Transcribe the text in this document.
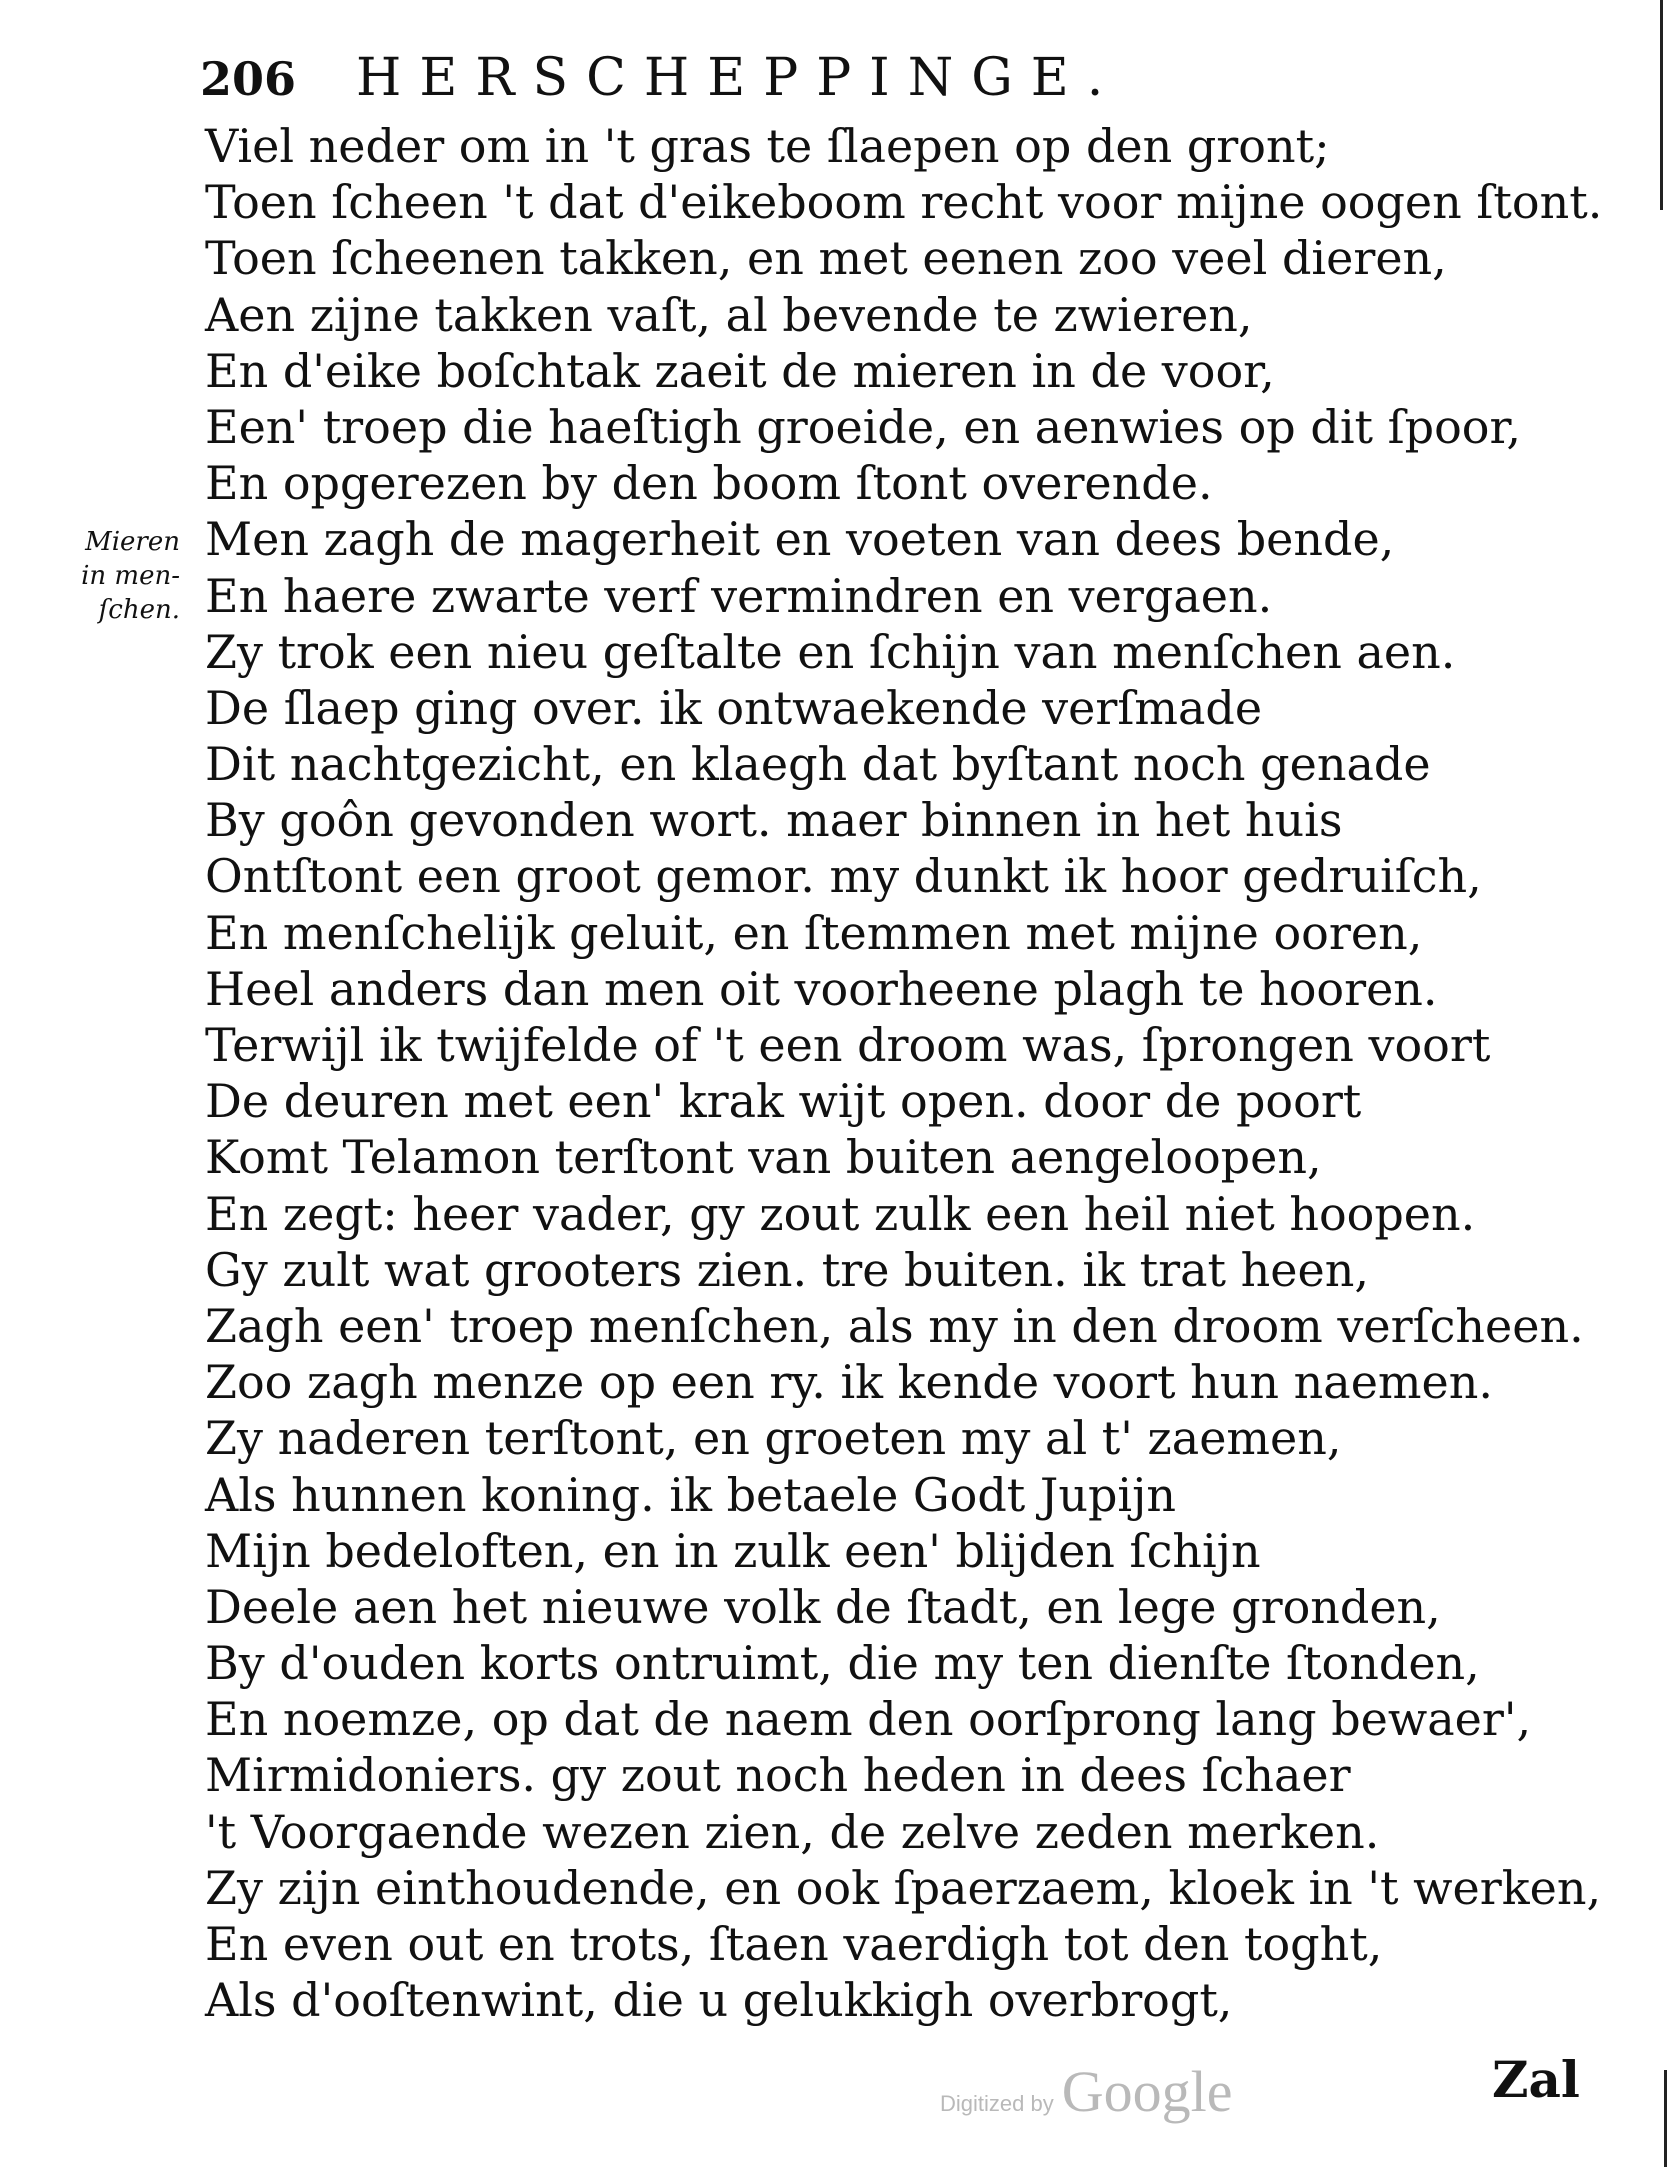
206 HERSCHEPPINGE.
Mieren
in men-
ſchen.
Viel neder om in 't gras te ſlaepen op den gront;
Toen ſcheen 't dat d'eikeboom recht voor mijne oogen ſtont.
Toen ſcheenen takken, en met eenen zoo veel dieren,
Aen zijne takken vaſt, al bevende te zwieren,
En d'eike boſchtak zaeit de mieren in de voor,
Een' troep die haeſtigh groeide, en aenwies op dit ſpoor,
En opgerezen by den boom ſtont overende.
Men zagh de magerheit en voeten van dees bende,
En haere zwarte verf vermindren en vergaen.
Zy trok een nieu geſtalte en ſchijn van menſchen aen.
De ſlaep ging over. ik ontwaekende verſmade
Dit nachtgezicht, en klaegh dat byſtant noch genade
By goôn gevonden wort. maer binnen in het huis
Ontſtont een groot gemor. my dunkt ik hoor gedruiſch,
En menſchelijk geluit, en ſtemmen met mijne ooren,
Heel anders dan men oit voorheene plagh te hooren.
Terwijl ik twijfelde of 't een droom was, ſprongen voort
De deuren met een' krak wijt open. door de poort
Komt Telamon terſtont van buiten aengeloopen,
En zegt: heer vader, gy zout zulk een heil niet hoopen.
Gy zult wat grooters zien. tre buiten. ik trat heen,
Zagh een' troep menſchen, als my in den droom verſcheen.
Zoo zagh menze op een ry. ik kende voort hun naemen.
Zy naderen terſtont, en groeten my al t' zaemen,
Als hunnen koning. ik betaele Godt Jupijn
Mijn bedeloften, en in zulk een' blijden ſchijn
Deele aen het nieuwe volk de ſtadt, en lege gronden,
By d'ouden korts ontruimt, die my ten dienſte ſtonden,
En noemze, op dat de naem den oorſprong lang bewaer',
Mirmidoniers. gy zout noch heden in dees ſchaer
't Voorgaende wezen zien, de zelve zeden merken.
Zy zijn einthoudende, en ook ſpaerzaem, kloek in 't werken,
En even out en trots, ſtaen vaerdigh tot den toght,
Als d'ooſtenwint, die u gelukkigh overbrogt,
Digitized by Google	Zal
